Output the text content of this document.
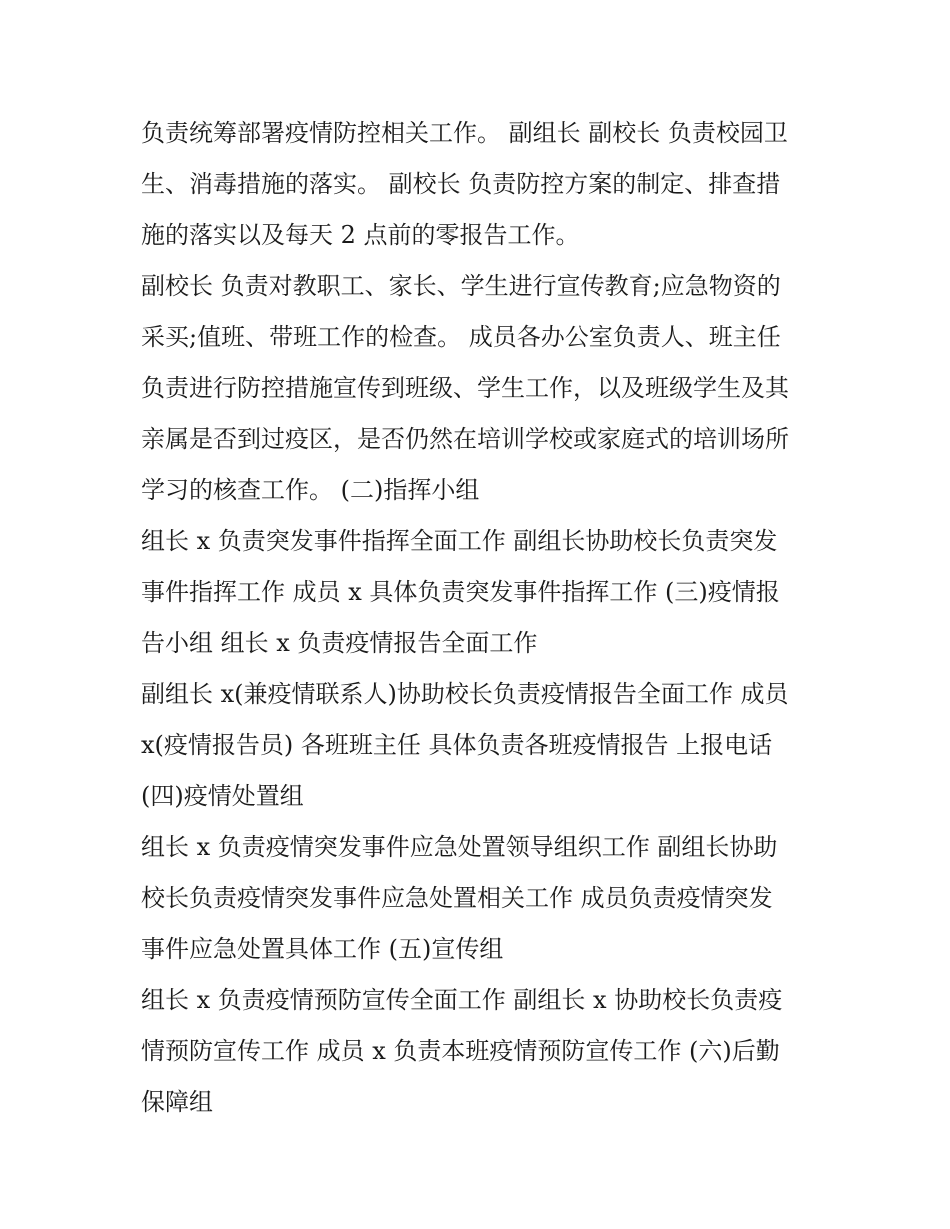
负责统筹部署疫情防控相关工作。 副组长 副校长 负责校园卫
生、消毒措施的落实。 副校长 负责防控方案的制定、排查措
施的落实以及每天 2 点前的零报告工作。

副校长 负责对教职工、家长、学生进行宣传教育;应急物资的
采买;值班、带班工作的检查。 成员各办公室负责人、班主任
负责进行防控措施宣传到班级、学生工作，以及班级学生及其
亲属是否到过疫区，是否仍然在培训学校或家庭式的培训场所
学习的核查工作。 (二)指挥小组

组长 x 负责突发事件指挥全面工作 副组长协助校长负责突发
事件指挥工作 成员 x 具体负责突发事件指挥工作 (三)疫情报
告小组 组长 x 负责疫情报告全面工作

副组长 x(兼疫情联系人)协助校长负责疫情报告全面工作 成员
x(疫情报告员) 各班班主任 具体负责各班疫情报告 上报电话
(四)疫情处置组

组长 x 负责疫情突发事件应急处置领导组织工作 副组长协助
校长负责疫情突发事件应急处置相关工作 成员负责疫情突发
事件应急处置具体工作 (五)宣传组

组长 x 负责疫情预防宣传全面工作 副组长 x 协助校长负责疫
情预防宣传工作 成员 x 负责本班疫情预防宣传工作 (六)后勤
保障组
